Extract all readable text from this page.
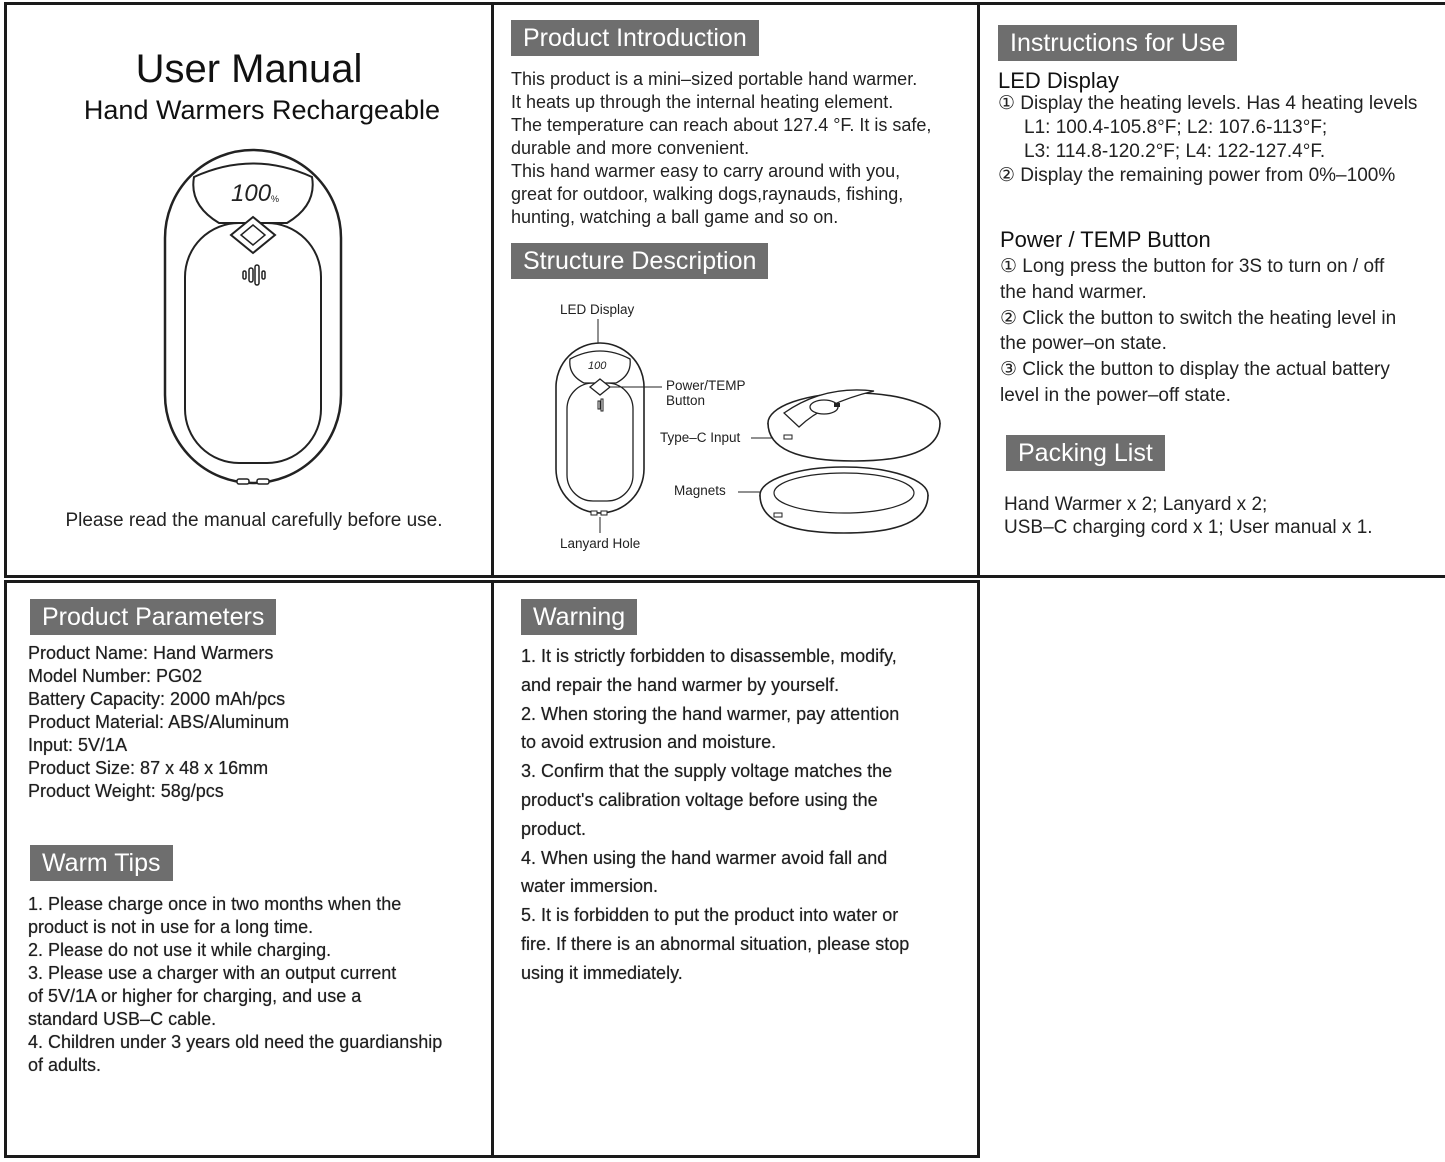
User Manual
Hand Warmers Rechargeable
100 %
Please read the manual carefully before use.
Product Introduction

This product is a mini–sized portable hand warmer.

It heats up through the internal heating element.

The temperature can reach about 127.4 °F. It is safe,

durable and more convenient.

This hand warmer easy to carry around with you,

great for outdoor, walking dogs,raynauds, fishing,

hunting, watching a ball game and so on.

Structure Description
LED Display
100
Lanyard Hole
Power/TEMP
Button
Type–C Input
Magnets
Instructions for Use
LED Display

① Display the heating levels. Has 4 heating levels

L1: 100.4-105.8°F; L2: 107.6-113°F;

L3: 114.8-120.2°F; L4: 122-127.4°F.

② Display the remaining power from 0%–100%

Power / TEMP Button

① Long press the button for 3S to turn on / off

the hand warmer.

② Click the button to switch the heating level in

the power–on state.

③ Click the button to display the actual battery

level in the power–off state.

Packing List

Hand Warmer x 2; Lanyard x 2;

USB–C charging cord x 1; User manual x 1.

Product Parameters

Product Name: Hand Warmers

Model Number: PG02

Battery Capacity: 2000 mAh/pcs

Product Material: ABS/Aluminum

Input: 5V/1A

Product Size: 87 x 48 x 16mm

Product Weight: 58g/pcs

Warm Tips

1. Please charge once in two months when the

product is not in use for a long time.

2. Please do not use it while charging.

3. Please use a charger with an output current

of 5V/1A or higher for charging, and use a

standard USB–C cable.

4. Children under 3 years old need the guardianship

of adults.

Warning

1. It is strictly forbidden to disassemble, modify,

and repair the hand warmer by yourself.

2. When storing the hand warmer, pay attention

to avoid extrusion and moisture.

3. Confirm that the supply voltage matches the

product's calibration voltage before using the

product.

4. When using the hand warmer avoid fall and

water immersion.

5. It is forbidden to put the product into water or

fire. If there is an abnormal situation, please stop

using it immediately.
